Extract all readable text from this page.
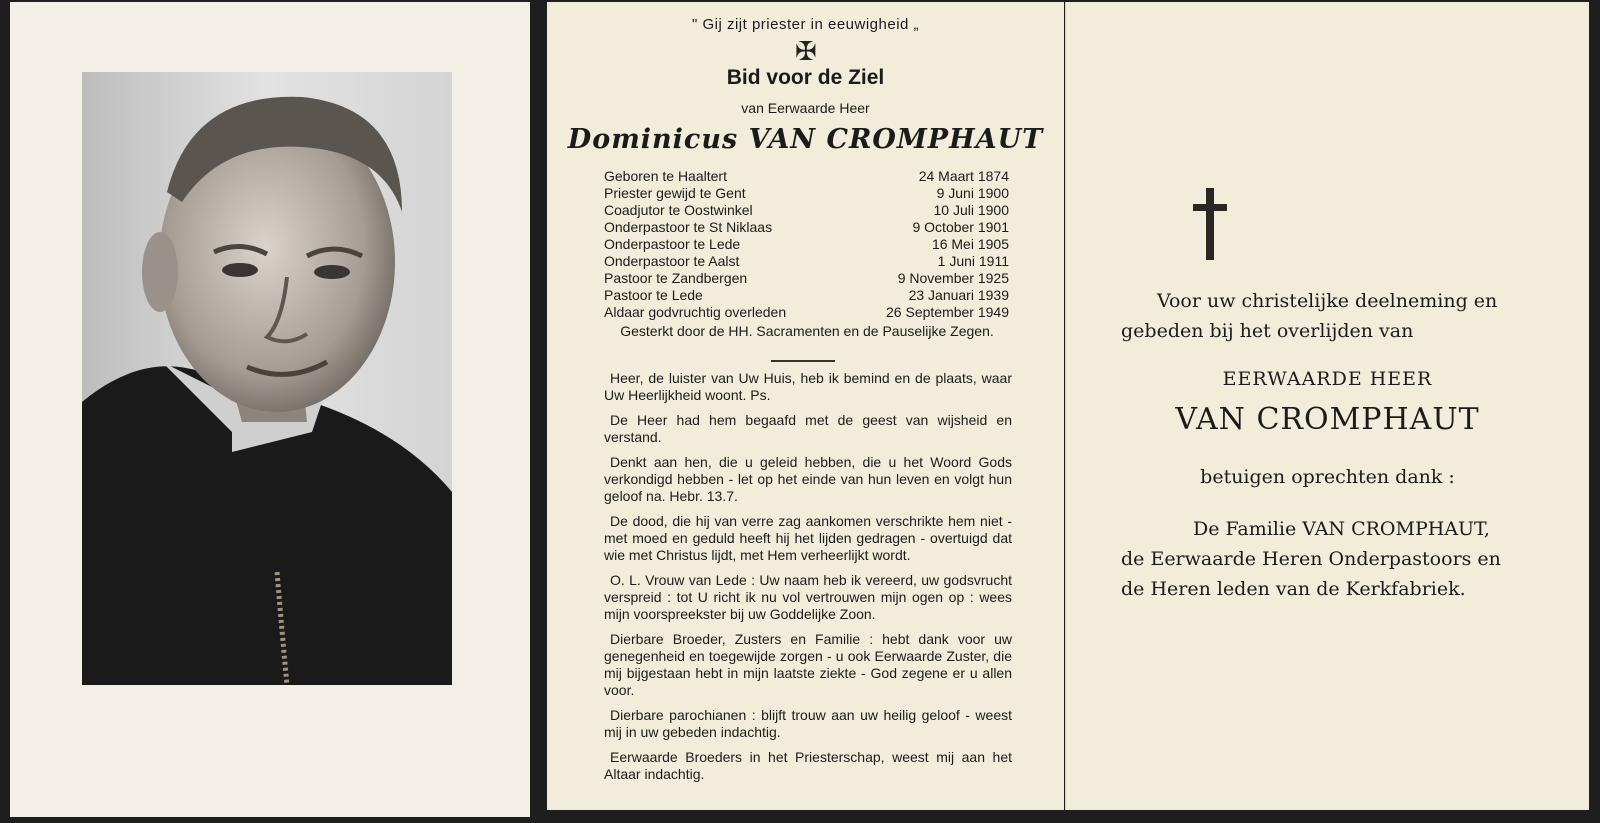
" Gij zijt priester in eeuwigheid „
✠
Bid voor de Ziel
van Eerwaarde Heer
Dominicus VAN CROMPHAUT
Geboren te Haaltert	24 Maart 1874
Priester gewijd te Gent	9 Juni 1900
Coadjutor te Oostwinkel	10 Juli 1900
Onderpastoor te St Niklaas	9 October 1901
Onderpastoor te Lede	16 Mei 1905
Onderpastoor te Aalst	1 Juni 1911
Pastoor te Zandbergen	9 November 1925
Pastoor te Lede	23 Januari 1939
Aldaar godvruchtig overleden	26 September 1949
Gesterkt door de HH. Sacramenten en de Pauselijke Zegen.

Heer, de luister van Uw Huis, heb ik bemind en de plaats, waar Uw Heerlijkheid woont. Ps.

De Heer had hem begaafd met de geest van wijsheid en verstand.

Denkt aan hen, die u geleid hebben, die u het Woord Gods verkondigd hebben - let op het einde van hun leven en volgt hun geloof na. Hebr. 13.7.

De dood, die hij van verre zag aankomen verschrikte hem niet - met moed en geduld heeft hij het lijden gedragen - overtuigd dat wie met Christus lijdt, met Hem verheerlijkt wordt.

O. L. Vrouw van Lede : Uw naam heb ik vereerd, uw godsvrucht verspreid : tot U richt ik nu vol vertrouwen mijn ogen op : wees mijn voorspreekster bij uw Goddelijke Zoon.

Dierbare Broeder, Zusters en Familie : hebt dank voor uw genegenheid en toegewijde zorgen - u ook Eerwaarde Zuster, die mij bijgestaan hebt in mijn laatste ziekte - God zegene er u allen voor.

Dierbare parochianen : blijft trouw aan uw heilig geloof - weest mij in uw gebeden indachtig.

Eerwaarde Broeders in het Priesterschap, weest mij aan het Altaar indachtig.

Voor uw christelijke deelneming en
gebeden bij het overlijden van
EERWAARDE HEER
VAN CROMPHAUT
betuigen oprechten dank :
De Familie VAN CROMPHAUT,
de Eerwaarde Heren Onderpastoors en
de Heren leden van de Kerkfabriek.
